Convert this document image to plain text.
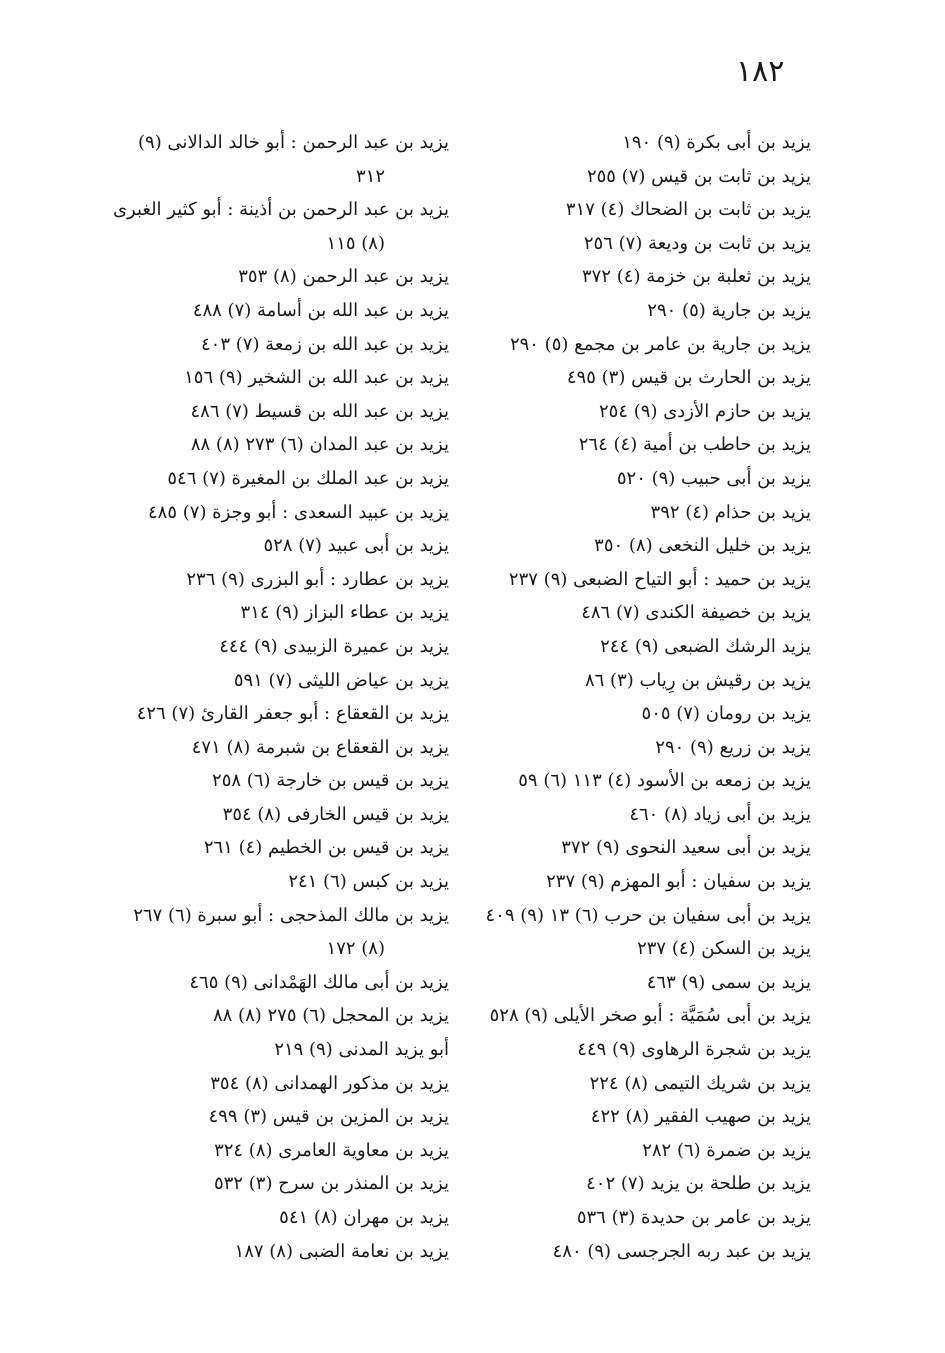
١٨٢
يزيد بن أبى بكرة (٩) ١٩٠
يزيد بن ثابت بن قيس (٧) ٢٥٥
يزيد بن ثابت بن الضحاك (٤) ٣١٧
يزيد بن ثابت بن وديعة (٧) ٢٥٦
يزيد بن ثعلبة بن خزمة (٤) ٣٧٢
يزيد بن جارية (٥) ٢٩٠
يزيد بن جارية بن عامر بن مجمع (٥) ٢٩٠
يزيد بن الحارث بن قيس (٣) ٤٩٥
يزيد بن حازم الأزدى (٩) ٢٥٤
يزيد بن حاطب بن أمية (٤) ٢٦٤
يزيد بن أبى حبيب (٩) ٥٢٠
يزيد بن حذام (٤) ٣٩٢
يزيد بن خليل النخعى (٨) ٣٥٠
يزيد بن حميد : أبو التياح الضبعى (٩) ٢٣٧
يزيد بن خصيفة الكندى (٧) ٤٨٦
يزيد الرشك الضبعى (٩) ٢٤٤
يزيد بن رقيش بن رِياب (٣) ٨٦
يزيد بن رومان (٧) ٥٠٥
يزيد بن زريع (٩) ٢٩٠
يزيد بن زمعه بن الأسود (٤) ١١٣ (٦) ٥٩
يزيد بن أبى زياد (٨) ٤٦٠
يزيد بن أبى سعيد النحوى (٩) ٣٧٢
يزيد بن سفيان : أبو المهزم (٩) ٢٣٧
يزيد بن أبى سفيان بن حرب (٦) ١٣ (٩) ٤٠٩
يزيد بن السكن (٤) ٢٣٧
يزيد بن سمى (٩) ٤٦٣
يزيد بن أبى سُمَيَّة : أبو صخر الأيلى (٩) ٥٢٨
يزيد بن شجرة الرهاوى (٩) ٤٤٩
يزيد بن شريك التيمى (٨) ٢٢٤
يزيد بن صهيب الفقير (٨) ٤٢٢
يزيد بن ضمرة (٦) ٢٨٢
يزيد بن طلحة بن يزيد (٧) ٤٠٢
يزيد بن عامر بن حديدة (٣) ٥٣٦
يزيد بن عبد ربه الجرجسى (٩) ٤٨٠
يزيد بن عبد الرحمن : أبو خالد الدالانى (٩)
٣١٢
يزيد بن عبد الرحمن بن أذينة : أبو كثير الغبرى
(٨) ١١٥
يزيد بن عبد الرحمن (٨) ٣٥٣
يزيد بن عبد الله بن أسامة (٧) ٤٨٨
يزيد بن عبد الله بن زمعة (٧) ٤٠٣
يزيد بن عبد الله بن الشخير (٩) ١٥٦
يزيد بن عبد الله بن قسيط (٧) ٤٨٦
يزيد بن عبد المدان (٦) ٢٧٣ (٨) ٨٨
يزيد بن عبد الملك بن المغيرة (٧) ٥٤٦
يزيد بن عبيد السعدى : أبو وجزة (٧) ٤٨٥
يزيد بن أبى عبيد (٧) ٥٢٨
يزيد بن عطارد : أبو البزرى (٩) ٢٣٦
يزيد بن عطاء البزاز (٩) ٣١٤
يزيد بن عميرة الزبيدى (٩) ٤٤٤
يزيد بن عياض الليثى (٧) ٥٩١
يزيد بن القعقاع : أبو جعفر القارئ (٧) ٤٢٦
يزيد بن القعقاع بن شبرمة (٨) ٤٧١
يزيد بن قيس بن خارجة (٦) ٢٥٨
يزيد بن قيس الخارفى (٨) ٣٥٤
يزيد بن قيس بن الخطيم (٤) ٢٦١
يزيد بن كبس (٦) ٢٤١
يزيد بن مالك المذحجى : أبو سبرة (٦) ٢٦٧
(٨) ١٧٢
يزيد بن أبى مالك الهَمْدانى (٩) ٤٦٥
يزيد بن المحجل (٦) ٢٧٥ (٨) ٨٨
أبو يزيد المدنى (٩) ٢١٩
يزيد بن مذكور الهمدانى (٨) ٣٥٤
يزيد بن المزين بن قيس (٣) ٤٩٩
يزيد بن معاوية العامرى (٨) ٣٢٤
يزيد بن المنذر بن سرح (٣) ٥٣٢
يزيد بن مهران (٨) ٥٤١
يزيد بن نعامة الضبى (٨) ١٨٧
